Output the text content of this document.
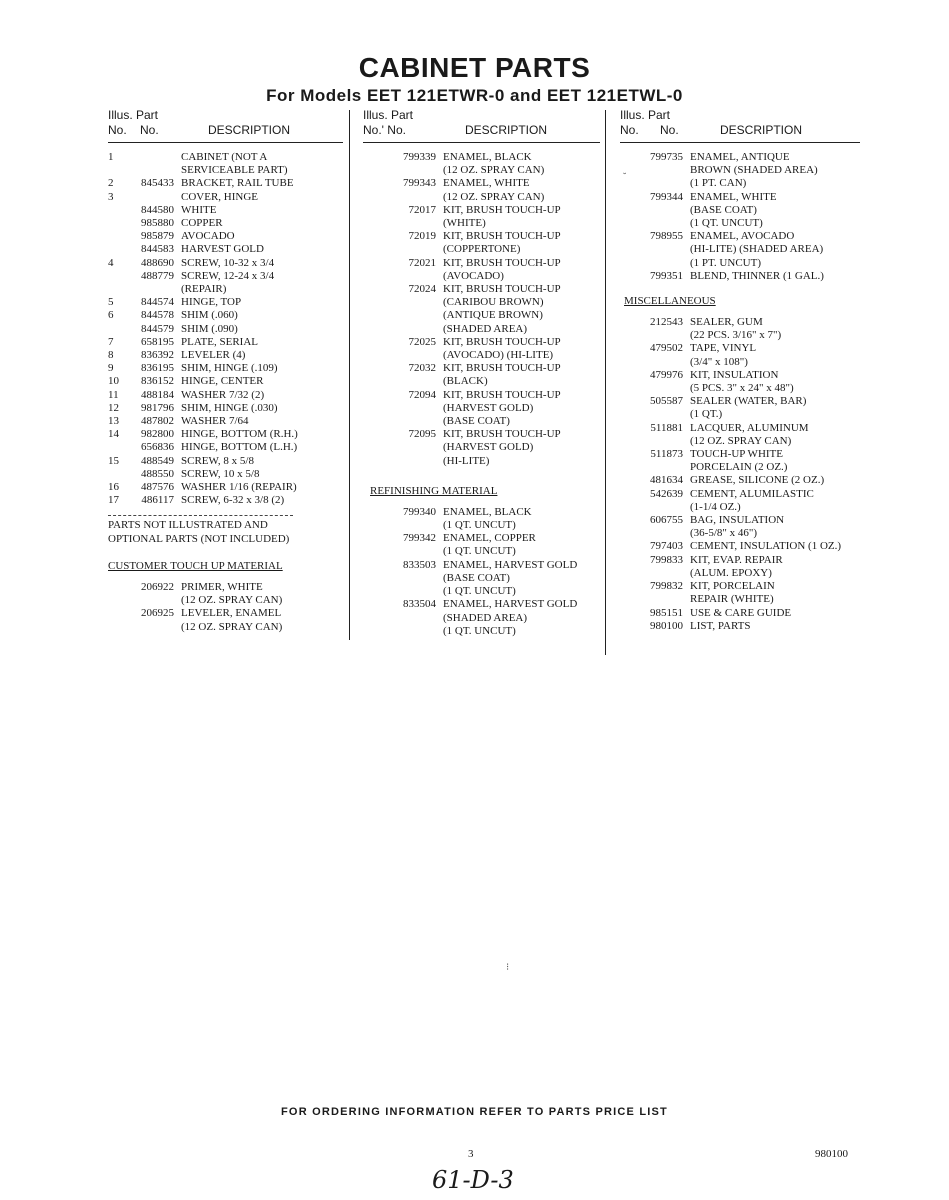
CABINET PARTS
For Models EET 121ETWR-0 and EET 121ETWL-0
Illus. Part
No. No.	DESCRIPTION
1	CABINET (NOT A
SERVICEABLE PART)
2	845433 BRACKET, RAIL TUBE
3	COVER, HINGE
844580 WHITE
985880 COPPER
985879 AVOCADO
844583 HARVEST GOLD
4	488690 SCREW, 10-32 x 3/4
488779 SCREW, 12-24 x 3/4
(REPAIR)
5	844574 HINGE, TOP
6	844578 SHIM (.060)
844579 SHIM (.090)
7	658195 PLATE, SERIAL
8	836392 LEVELER (4)
9	836195 SHIM, HINGE (.109)
10	836152 HINGE, CENTER
11	488184 WASHER 7/32 (2)
12	981796 SHIM, HINGE (.030)
13	487802 WASHER 7/64
14	982800 HINGE, BOTTOM (R.H.)
656836 HINGE, BOTTOM (L.H.)
15	488549 SCREW, 8 x 5/8
488550 SCREW, 10 x 5/8
16	487576 WASHER 1/16 (REPAIR)
17	486117 SCREW, 6-32 x 3/8 (2)
PARTS NOT ILLUSTRATED AND
OPTIONAL PARTS (NOT INCLUDED)
CUSTOMER TOUCH UP MATERIAL
206922 PRIMER, WHITE
(12 OZ. SPRAY CAN)
206925 LEVELER, ENAMEL
(12 OZ. SPRAY CAN)
Illus. Part
No.' No.	DESCRIPTION
799339 ENAMEL, BLACK
(12 OZ. SPRAY CAN)
799343 ENAMEL, WHITE
(12 OZ. SPRAY CAN)
72017 KIT, BRUSH TOUCH-UP
(WHITE)
72019 KIT, BRUSH TOUCH-UP
(COPPERTONE)
72021 KIT, BRUSH TOUCH-UP
(AVOCADO)
72024 KIT, BRUSH TOUCH-UP
(CARIBOU BROWN)
(ANTIQUE BROWN)
(SHADED AREA)
72025 KIT, BRUSH TOUCH-UP
(AVOCADO) (HI-LITE)
72032 KIT, BRUSH TOUCH-UP
(BLACK)
72094 KIT, BRUSH TOUCH-UP
(HARVEST GOLD)
(BASE COAT)
72095 KIT, BRUSH TOUCH-UP
(HARVEST GOLD)
(HI-LITE)
REFINISHING MATERIAL
799340 ENAMEL, BLACK
(1 QT. UNCUT)
799342 ENAMEL, COPPER
(1 QT. UNCUT)
833503 ENAMEL, HARVEST GOLD
(BASE COAT)
(1 QT. UNCUT)
833504 ENAMEL, HARVEST GOLD
(SHADED AREA)
(1 QT. UNCUT)
Illus. Part
No. No.	DESCRIPTION
799735 ENAMEL, ANTIQUE
BROWN (SHADED AREA)
(1 PT. CAN)
799344 ENAMEL, WHITE
(BASE COAT)
(1 QT. UNCUT)
798955 ENAMEL, AVOCADO
(HI-LITE) (SHADED AREA)
(1 PT. UNCUT)
799351 BLEND, THINNER (1 GAL.)
MISCELLANEOUS
212543 SEALER, GUM
(22 PCS. 3/16" x 7")
479502 TAPE, VINYL
(3/4" x 108")
479976 KIT, INSULATION
(5 PCS. 3" x 24" x 48")
505587 SEALER (WATER, BAR)
(1 QT.)
511881 LACQUER, ALUMINUM
(12 OZ. SPRAY CAN)
511873 TOUCH-UP WHITE
PORCELAIN (2 OZ.)
481634 GREASE, SILICONE (2 OZ.)
542639 CEMENT, ALUMILASTIC
(1-1/4 OZ.)
606755 BAG, INSULATION
(36-5/8" x 46")
797403 CEMENT, INSULATION (1 OZ.)
799833 KIT, EVAP. REPAIR
(ALUM. EPOXY)
799832 KIT, PORCELAIN
REPAIR (WHITE)
985151 USE & CARE GUIDE
980100 LIST, PARTS
˘
⁝
FOR ORDERING INFORMATION REFER TO PARTS PRICE LIST
3	980100
61-D-3
